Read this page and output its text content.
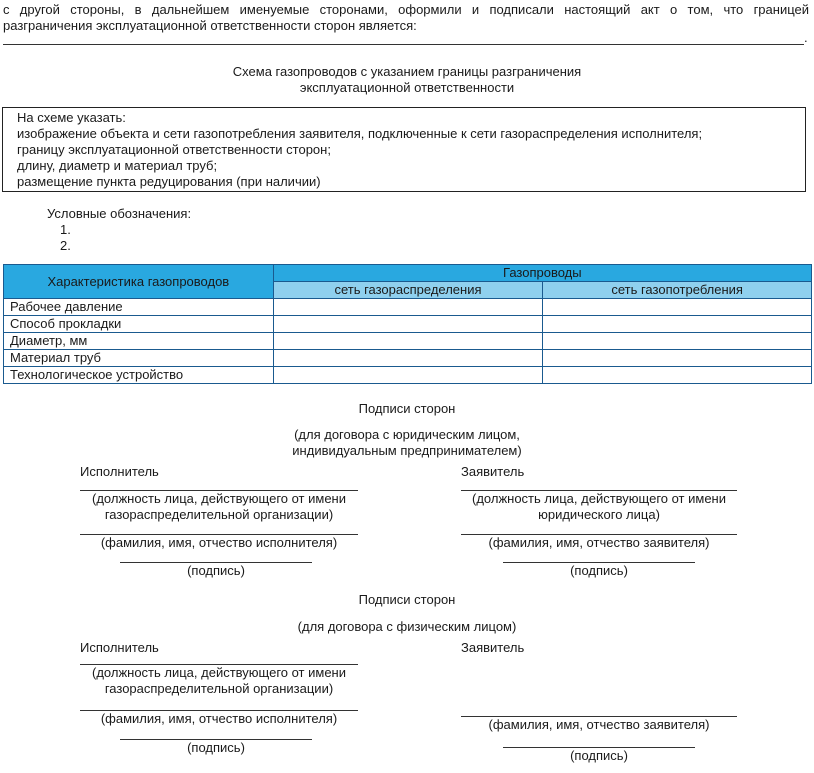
с другой стороны, в дальнейшем именуемые сторонами, оформили и подписали настоящий акт о том, что границей
разграничения эксплуатационной ответственности сторон является:
.
Схема газопроводов с указанием границы разграничения
эксплуатационной ответственности
На схеме указать:
изображение объекта и сети газопотребления заявителя, подключенные к сети газораспределения исполнителя;
границу эксплуатационной ответственности сторон;
длину, диаметр и материал труб;
размещение пункта редуцирования (при наличии)
Условные обозначения:
1.
2.
Характеристика газопроводов	Газопроводы	
	сеть газораспределения	сеть газопотребления
Рабочее давление		
Способ прокладки		
Диаметр, мм		
Материал труб		
Технологическое устройство		
Подписи сторон
(для договора с юридическим лицом,
индивидуальным предпринимателем)
Исполнитель
(должность лица, действующего от имени
газораспределительной организации)
(фамилия, имя, отчество исполнителя)
(подпись)
Заявитель
(должность лица, действующего от имени
юридического лица)
(фамилия, имя, отчество заявителя)
(подпись)
Подписи сторон
(для договора с физическим лицом)
Исполнитель
(должность лица, действующего от имени
газораспределительной организации)
(фамилия, имя, отчество исполнителя)
(подпись)
Заявитель
(фамилия, имя, отчество заявителя)
(подпись)
